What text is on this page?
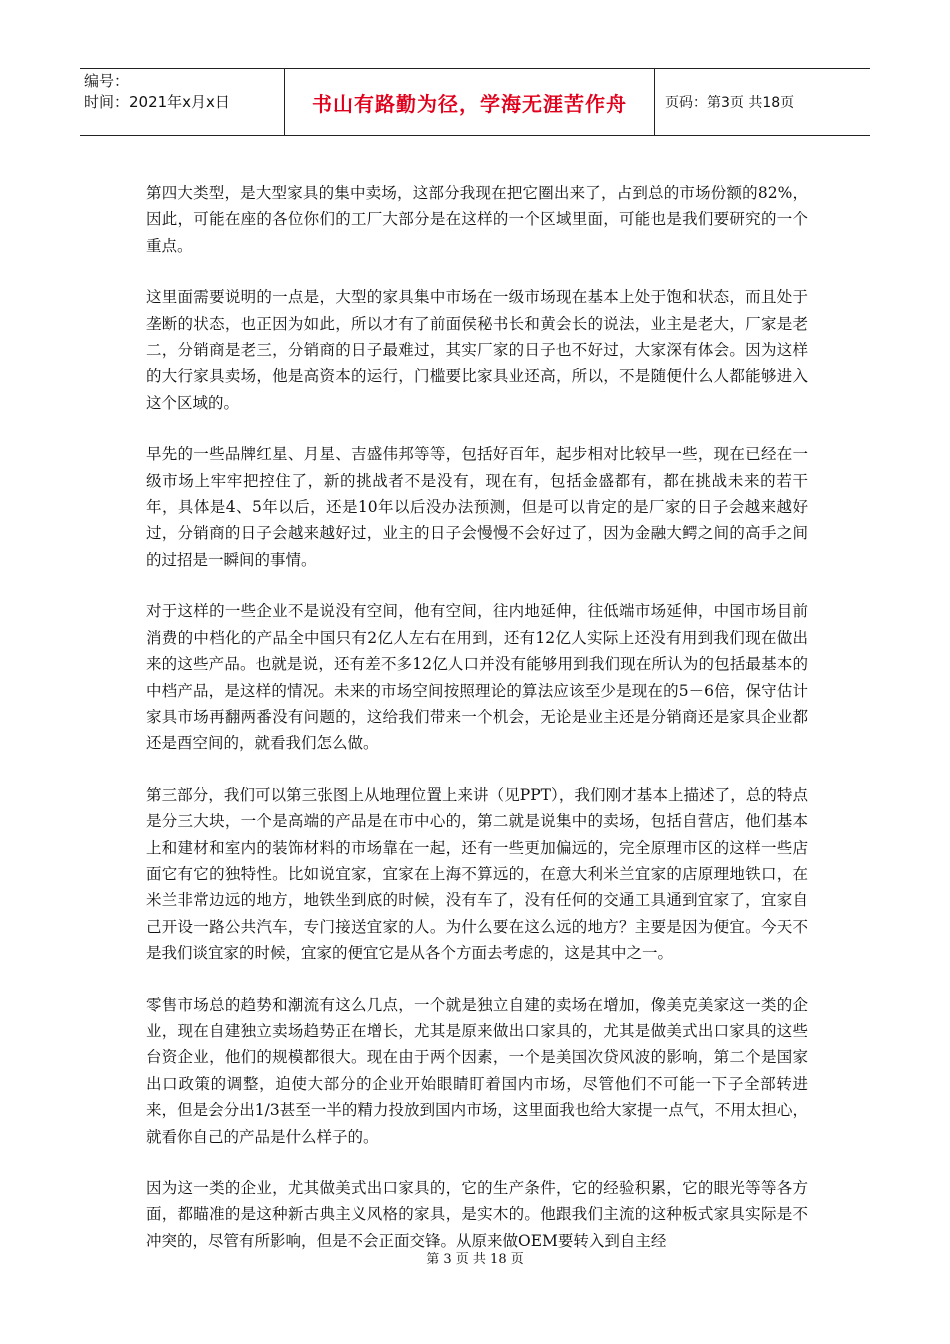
编号：
时间：2021年x月x日	书山有路勤为径，学海无涯苦作舟	页码：第3页 共18页

第四大类型，是大型家具的集中卖场，这部分我现在把它圈出来了，占到总的市场份额的82%，因此，可能在座的各位你们的工厂大部分是在这样的一个区域里面，可能也是我们要研究的一个重点。

这里面需要说明的一点是，大型的家具集中市场在一级市场现在基本上处于饱和状态，而且处于垄断的状态，也正因为如此，所以才有了前面侯秘书长和黄会长的说法，业主是老大，厂家是老二，分销商是老三，分销商的日子最难过，其实厂家的日子也不好过，大家深有体会。因为这样的大行家具卖场，他是高资本的运行，门槛要比家具业还高，所以，不是随便什么人都能够进入这个区域的。

早先的一些品牌红星、月星、吉盛伟邦等等，包括好百年，起步相对比较早一些，现在已经在一级市场上牢牢把控住了，新的挑战者不是没有，现在有，包括金盛都有，都在挑战未来的若干年，具体是4、5年以后，还是10年以后没办法预测，但是可以肯定的是厂家的日子会越来越好过，分销商的日子会越来越好过，业主的日子会慢慢不会好过了，因为金融大鳄之间的高手之间的过招是一瞬间的事情。

对于这样的一些企业不是说没有空间，他有空间，往内地延伸，往低端市场延伸，中国市场目前消费的中档化的产品全中国只有2亿人左右在用到，还有12亿人实际上还没有用到我们现在做出来的这些产品。也就是说，还有差不多12亿人口并没有能够用到我们现在所认为的包括最基本的中档产品，是这样的情况。未来的市场空间按照理论的算法应该至少是现在的5－6倍，保守估计家具市场再翻两番没有问题的，这给我们带来一个机会，无论是业主还是分销商还是家具企业都还是酉空间的，就看我们怎么做。

第三部分，我们可以第三张图上从地理位置上来讲（见PPT），我们刚才基本上描述了，总的特点是分三大块，一个是高端的产品是在市中心的，第二就是说集中的卖场，包括自营店，他们基本上和建材和室内的装饰材料的市场靠在一起，还有一些更加偏远的，完全原理市区的这样一些店面它有它的独特性。比如说宜家，宜家在上海不算远的，在意大利米兰宜家的店原理地铁口，在米兰非常边远的地方，地铁坐到底的时候，没有车了，没有任何的交通工具通到宜家了，宜家自己开设一路公共汽车，专门接送宜家的人。为什么要在这么远的地方？主要是因为便宜。今天不是我们谈宜家的时候，宜家的便宜它是从各个方面去考虑的，这是其中之一。

零售市场总的趋势和潮流有这么几点，一个就是独立自建的卖场在增加，像美克美家这一类的企业，现在自建独立卖场趋势正在增长，尤其是原来做出口家具的，尤其是做美式出口家具的这些台资企业，他们的规模都很大。现在由于两个因素，一个是美国次贷风波的影响，第二个是国家出口政策的调整，迫使大部分的企业开始眼睛盯着国内市场，尽管他们不可能一下子全部转进来，但是会分出1/3甚至一半的精力投放到国内市场，这里面我也给大家提一点气，不用太担心，就看你自己的产品是什么样子的。

因为这一类的企业，尤其做美式出口家具的，它的生产条件，它的经验积累，它的眼光等等各方面，都瞄准的是这种新古典主义风格的家具，是实木的。他跟我们主流的这种板式家具实际是不冲突的，尽管有所影响，但是不会正面交锋。从原来做OEM要转入到自主经

第 3 页 共 18 页
